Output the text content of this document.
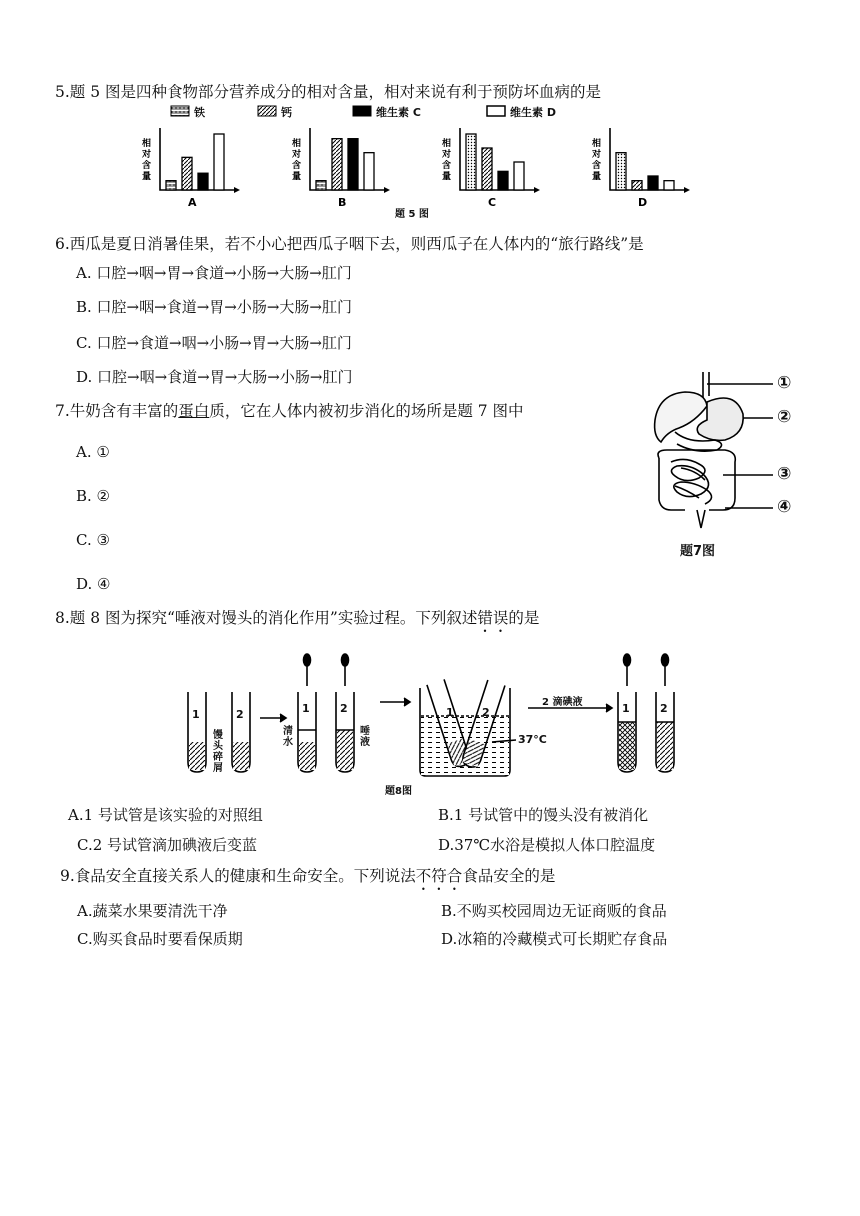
5.题 5 图是四种食物部分营养成分的相对含量，相对来说有利于预防坏血病的是
铁	钙	维生素 C	维生素 D
相
对
含
量
A
相
对
含
量
B
相
对
含
量
C
相
对
含
量
D
题 5 图
6.西瓜是夏日消暑佳果，若不小心把西瓜子咽下去，则西瓜子在人体内的“旅行路线”是
A. 口腔→咽→胃→食道→小肠→大肠→肛门
B. 口腔→咽→食道→胃→小肠→大肠→肛门
C. 口腔→食道→咽→小肠→胃→大肠→肛门
D. 口腔→咽→食道→胃→大肠→小肠→肛门
7.牛奶含有丰富的蛋白质，它在人体内被初步消化的场所是题 7 图中
A. ①
B. ②
C. ③
D. ④
①
②
③
④
题7图
8.题 8 图为探究“唾液对馒头的消化作用”实验过程。下列叙述错误的是
1	2	1	2	1	2	1	2
馒头碎屑
清水
唾液	37°C
2 滴碘液
题8图
A.1 号试管是该实验的对照组	B.1 号试管中的馒头没有被消化
C.2 号试管滴加碘液后变蓝	D.37℃水浴是模拟人体口腔温度
9.食品安全直接关系人的健康和生命安全。下列说法不符合食品安全的是
A.蔬菜水果要清洗干净	B.不购买校园周边无证商贩的食品
C.购买食品时要看保质期	D.冰箱的冷藏模式可长期贮存食品
